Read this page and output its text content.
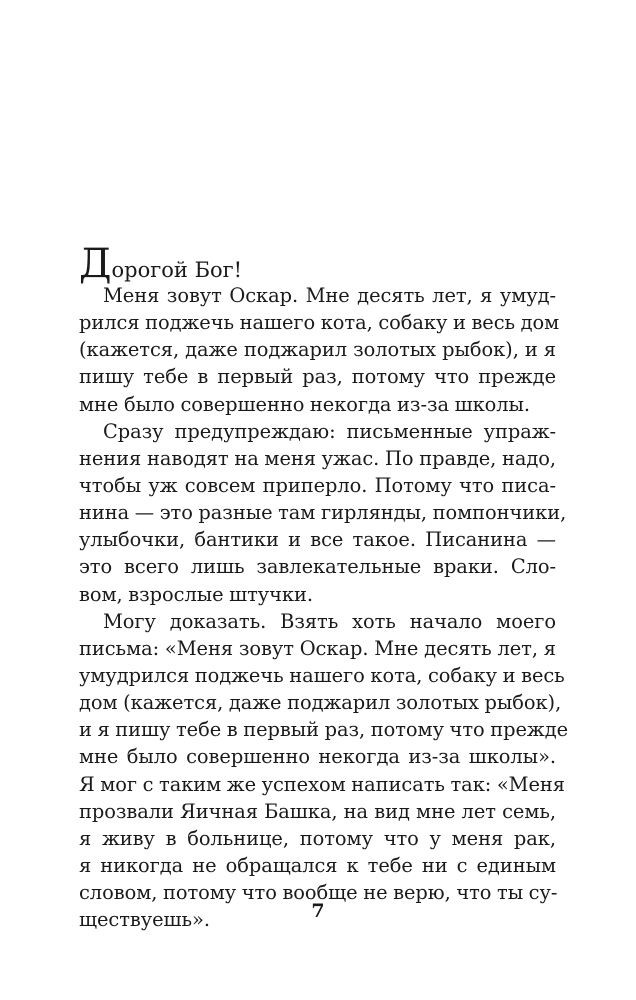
Дорогой Бог!
Меня зовут Оскар. Мне десять лет, я умуд-
рился поджечь нашего кота, собаку и весь дом
(кажется, даже поджарил золотых рыбок), и я
пишу тебе в первый раз, потому что прежде
мне было совершенно некогда из-за школы.
Сразу предупреждаю: письменные упраж-
нения наводят на меня ужас. По правде, надо,
чтобы уж совсем приперло. Потому что писа-
нина — это разные там гирлянды, помпончики,
улыбочки, бантики и все такое. Писанина —
это всего лишь завлекательные враки. Сло-
вом, взрослые штучки.
Могу доказать. Взять хоть начало моего
письма: «Меня зовут Оскар. Мне десять лет, я
умудрился поджечь нашего кота, собаку и весь
дом (кажется, даже поджарил золотых рыбок),
и я пишу тебе в первый раз, потому что прежде
мне было совершенно некогда из-за школы».
Я мог с таким же успехом написать так: «Меня
прозвали Яичная Башка, на вид мне лет семь,
я живу в больнице, потому что у меня рак,
я никогда не обращался к тебе ни с единым
словом, потому что вообще не верю, что ты су-
ществуешь».	7
